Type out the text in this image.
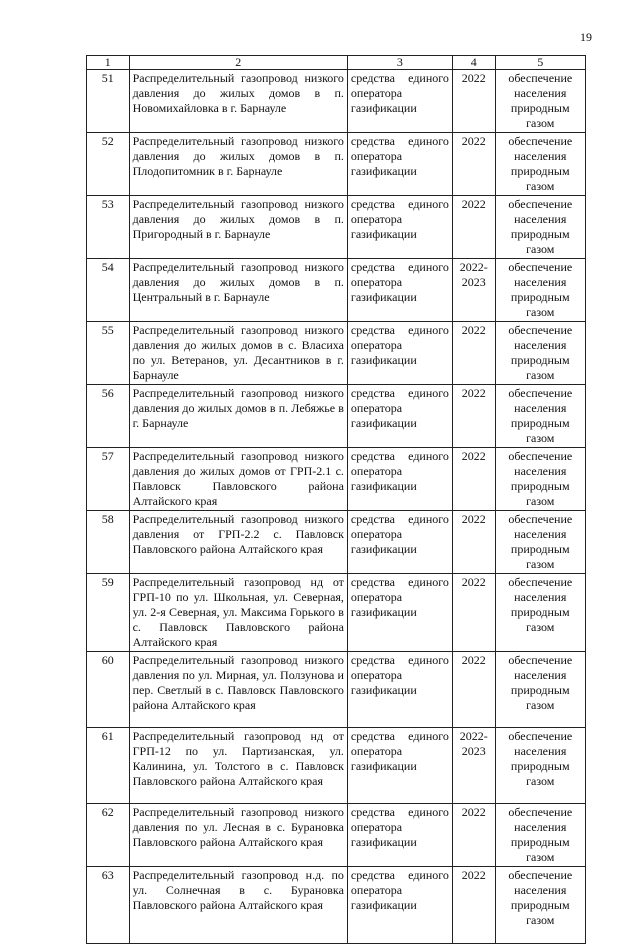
19
1	2	3	4	5
51	Распределительный газопровод низкого давления до жилых домов в п. Новомихайловка в г. Барнауле	средства единого оператора газификации	2022	обеспечение населения природным газом
52	Распределительный газопровод низкого давления до жилых домов в п. Плодопитомник в г. Барнауле	средства единого оператора газификации	2022	обеспечение населения природным газом
53	Распределительный газопровод низкого давления до жилых домов в п. Пригородный в г. Барнауле	средства единого оператора газификации	2022	обеспечение населения природным газом
54	Распределительный газопровод низкого давления до жилых домов в п. Центральный в г. Барнауле	средства единого оператора газификации	2022-2023	обеспечение населения природным газом
55	Распределительный газопровод низкого давления до жилых домов в с. Власиха по ул. Ветеранов, ул. Десантников в г. Барнауле	средства единого оператора газификации	2022	обеспечение населения природным газом
56	Распределительный газопровод низкого давления до жилых домов в п. Лебяжье в г. Барнауле	средства единого оператора газификации	2022	обеспечение населения природным газом
57	Распределительный газопровод низкого давления до жилых домов от ГРП-2.1 с. Павловск Павловского района Алтайского края	средства единого оператора газификации	2022	обеспечение населения природным газом
58	Распределительный газопровод низкого давления от ГРП-2.2 с. Павловск Павловского района Алтайского края	средства единого оператора газификации	2022	обеспечение населения природным газом
59	Распределительный газопровод нд от ГРП-10 по ул. Школьная, ул. Северная, ул. 2-я Северная, ул. Максима Горького в с. Павловск Павловского района Алтайского края	средства единого оператора газификации	2022	обеспечение населения природным газом
60	Распределительный газопровод низкого давления по ул. Мирная, ул. Ползунова и пер. Светлый в с. Павловск Павловского района Алтайского края	средства единого оператора газификации	2022	обеспечение населения природным газом
61	Распределительный газопровод нд от ГРП-12 по ул. Партизанская, ул. Калинина, ул. Толстого в с. Павловск Павловского района Алтайского края	средства единого оператора газификации	2022-2023	обеспечение населения природным газом
62	Распределительный газопровод низкого давления по ул. Лесная в с. Бурановка Павловского района Алтайского края	средства единого оператора газификации	2022	обеспечение населения природным газом
63	Распределительный газопровод н.д. по ул. Солнечная в с. Бурановка Павловского района Алтайского края	средства единого оператора газификации	2022	обеспечение населения природным газом
